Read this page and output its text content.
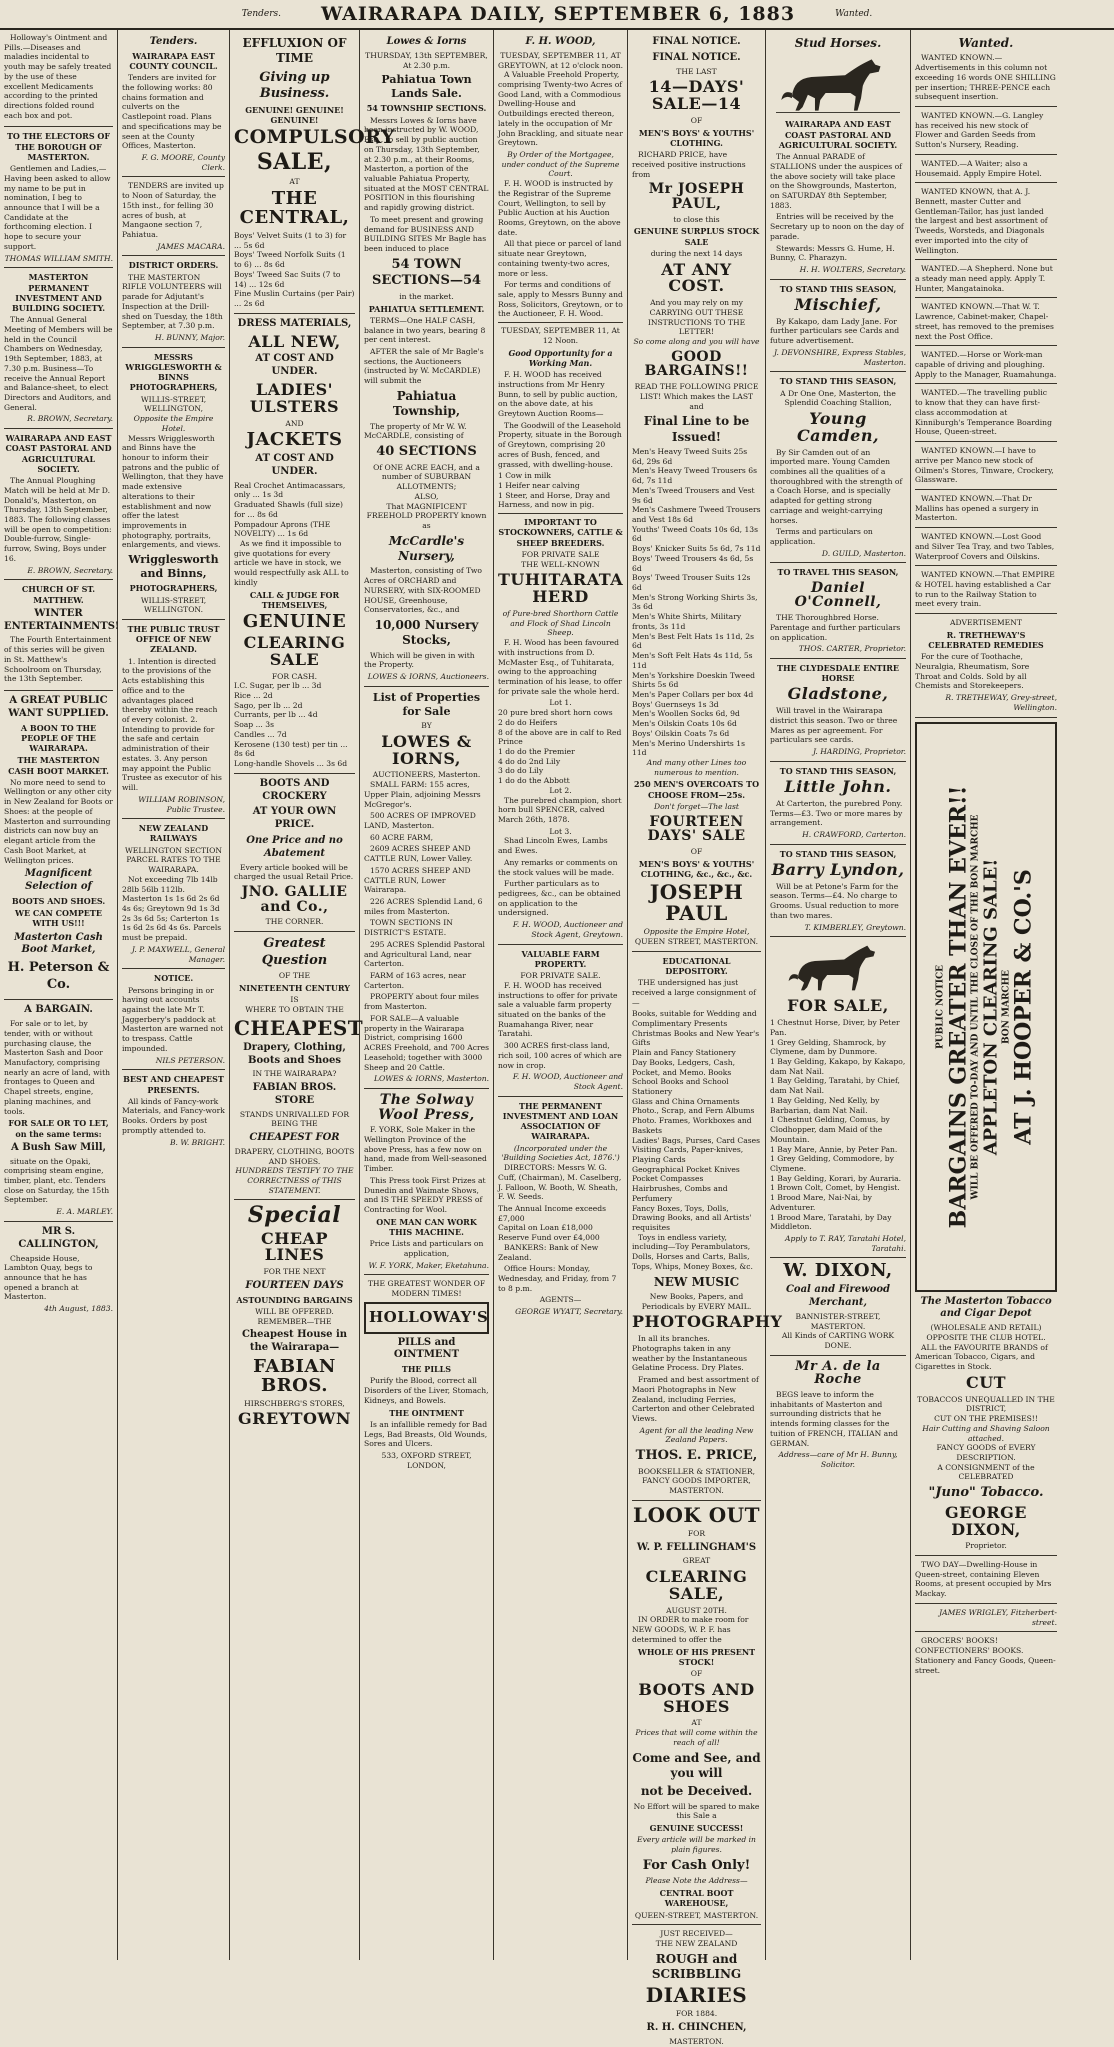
Tenders. WAIRARAPA DAILY, SEPTEMBER 6, 1883	Wanted.

Holloway's Ointment and Pills.—Diseases and maladies incidental to youth may be safely treated by the use of these excellent Medicaments according to the printed directions folded round each box and pot.

TO THE ELECTORS OF THE BOROUGH OF MASTERTON.

Gentlemen and Ladies,—Having been asked to allow my name to be put in nomination, I beg to announce that I will be a Candidate at the forthcoming election. I hope to secure your support.

THOMAS WILLIAM SMITH.
MASTERTON PERMANENT INVESTMENT AND BUILDING SOCIETY.

The Annual General Meeting of Members will be held in the Council Chambers on Wednesday, 19th September, 1883, at 7.30 p.m. Business—To receive the Annual Report and Balance-sheet, to elect Directors and Auditors, and General.

R. BROWN, Secretary.
WAIRARAPA AND EAST COAST PASTORAL AND AGRICULTURAL SOCIETY.

The Annual Ploughing Match will be held at Mr D. Donald's, Masterton, on Thursday, 13th September, 1883. The following classes will be open to competition: Double-furrow, Single-furrow, Swing, Boys under 16.

E. BROWN, Secretary.
CHURCH OF ST. MATTHEW.
WINTER ENTERTAINMENTS!

The Fourth Entertainment of this series will be given in St. Matthew's Schoolroom on Thursday, the 13th September.

A GREAT PUBLIC WANT SUPPLIED.
A BOON TO THE PEOPLE OF THE WAIRARAPA.
THE MASTERTON CASH BOOT MARKET.

No more need to send to Wellington or any other city in New Zealand for Boots or Shoes: at the people of Masterton and surrounding districts can now buy an elegant article from the Cash Boot Market, at Wellington prices.

Magnificent Selection of
BOOTS AND SHOES.
WE CAN COMPETE WITH US!!!
Masterton Cash Boot Market,
H. Peterson & Co.
A BARGAIN.

For sale or to let, by tender, with or without purchasing clause, the Masterton Sash and Door Manufactory, comprising nearly an acre of land, with frontages to Queen and Chapel streets, engine, planing machines, and tools.

FOR SALE OR TO LET, on the same terms:
A Bush Saw Mill,

situate on the Opaki, comprising steam engine, timber, plant, etc. Tenders close on Saturday, the 15th September.

E. A. MARLEY.
MR S. CALLINGTON,

Cheapside House, Lambton Quay, begs to announce that he has opened a branch at Masterton.

4th August, 1883.
Tenders.
WAIRARAPA EAST COUNTY COUNCIL.

Tenders are invited for the following works: 80 chains formation and culverts on the Castlepoint road. Plans and specifications may be seen at the County Offices, Masterton.

F. G. MOORE, County Clerk.

TENDERS are invited up to Noon of Saturday, the 15th inst., for felling 30 acres of bush, at Mangaone section 7, Pahiatua.

JAMES MACARA.
DISTRICT ORDERS.

THE MASTERTON RIFLE VOLUNTEERS will parade for Adjutant's Inspection at the Drill-shed on Tuesday, the 18th September, at 7.30 p.m.

H. BUNNY, Major.
MESSRS WRIGGLESWORTH & BINNS PHOTOGRAPHERS,
WILLIS-STREET, WELLINGTON,
Opposite the Empire Hotel.

Messrs Wrigglesworth and Binns have the honour to inform their patrons and the public of Wellington, that they have made extensive alterations to their establishment and now offer the latest improvements in photography, portraits, enlargements, and views.

Wrigglesworth and Binns,
PHOTOGRAPHERS,
WILLIS-STREET, WELLINGTON.
THE PUBLIC TRUST OFFICE OF NEW ZEALAND.

1. Intention is directed to the provisions of the Acts establishing this office and to the advantages placed thereby within the reach of every colonist. 2. Intending to provide for the safe and certain administration of their estates. 3. Any person may appoint the Public Trustee as executor of his will.

WILLIAM ROBINSON, Public Trustee.
NEW ZEALAND RAILWAYS
WELLINGTON SECTION
PARCEL RATES TO THE WAIRARAPA.

Not exceeding 7lb 14lb 28lb 56lb 112lb. Masterton 1s 1s 6d 2s 6d 4s 6s; Greytown 9d 1s 3d 2s 3s 6d 5s; Carterton 1s 1s 6d 2s 6d 4s 6s. Parcels must be prepaid.

J. P. MAXWELL, General Manager.
NOTICE.

Persons bringing in or having out accounts against the late Mr T. Jaggerbery's paddock at Masterton are warned not to trespass. Cattle impounded.

NILS PETERSON.
BEST AND CHEAPEST PRESENTS.

All kinds of Fancy-work Materials, and Fancy-work Books. Orders by post promptly attended to.

B. W. BRIGHT.
EFFLUXION OF TIME
Giving up Business.
GENUINE! GENUINE! GENUINE!
COMPULSORY
SALE,
AT
THE CENTRAL,
Boys' Velvet Suits (1 to 3) for ... 5s 6d
Boys' Tweed Norfolk Suits (1 to 6) ... 8s 6d
Boys' Tweed Sac Suits (7 to 14) ... 12s 6d
Fine Muslin Curtains (per Pair) ... 2s 6d
DRESS MATERIALS,
ALL NEW,
AT COST AND UNDER.
LADIES' ULSTERS
AND
JACKETS
AT COST AND UNDER.
Real Crochet Antimacassars, only ... 1s 3d
Graduated Shawls (full size) for ... 8s 6d
Pompadour Aprons (THE NOVELTY) ... 1s 6d

As we find it impossible to give quotations for every article we have in stock, we would respectfully ask ALL to kindly

CALL & JUDGE FOR THEMSELVES,
GENUINE
CLEARING SALE
FOR CASH.
I.C. Sugar, per lb ... 3d
Rice ... 2d
Sago, per lb ... 2d
Currants, per lb ... 4d
Soap ... 3s
Candles ... 7d
Kerosene (130 test) per tin ... 8s 6d
Long-handle Shovels ... 3s 6d
BOOTS AND CROCKERY
AT YOUR OWN PRICE.
One Price and no Abatement

Every article booked will be charged the usual Retail Price.

JNO. GALLIE and Co.,
THE CORNER.
Greatest Question
OF THE
NINETEENTH CENTURY
IS
WHERE TO OBTAIN THE
CHEAPEST
Drapery, Clothing, Boots and Shoes
IN THE WAIRARAPA?
FABIAN BROS. STORE
STANDS UNRIVALLED FOR BEING THE
CHEAPEST FOR
DRAPERY, CLOTHING, BOOTS AND SHOES.
HUNDREDS TESTIFY TO THE CORRECTNESS of THIS STATEMENT.
Special
CHEAP LINES
FOR THE NEXT
FOURTEEN DAYS
ASTOUNDING BARGAINS
WILL BE OFFERED.
REMEMBER—THE
Cheapest House in the Wairarapa—
FABIAN BROS.
HIRSCHBERG'S STORES,
GREYTOWN
Lowes & Iorns
THURSDAY, 13th SEPTEMBER, At 2.30 p.m.
Pahiatua Town Lands Sale.
54 TOWNSHIP SECTIONS.

Messrs Lowes & Iorns have been instructed by W. WOOD, Esq., to sell by public auction on Thursday, 13th September, at 2.30 p.m., at their Rooms, Masterton, a portion of the valuable Pahiatua Property, situated at the MOST CENTRAL POSITION in this flourishing and rapidly growing district.

To meet present and growing demand for BUSINESS AND BUILDING SITES Mr Bagle has been induced to place

54 TOWN SECTIONS—54
in the market.
PAHIATUA SETTLEMENT.

TERMS—One HALF CASH, balance in two years, bearing 8 per cent interest.

AFTER the sale of Mr Bagle's sections, the Auctioneers (instructed by W. McCARDLE) will submit the

Pahiatua Township,

The property of Mr W. W. McCARDLE, consisting of

40 SECTIONS
Of ONE ACRE EACH, and a number of SUBURBAN ALLOTMENTS;
ALSO,
That MAGNIFICENT FREEHOLD PROPERTY known as
McCardle's Nursery,

Masterton, consisting of Two Acres of ORCHARD and NURSERY, with SIX-ROOMED HOUSE, Greenhouse, Conservatories, &c., and

10,000 Nursery Stocks,

Which will be given in with the Property.

LOWES & IORNS, Auctioneers.
List of Properties for Sale
BY
LOWES & IORNS,
AUCTIONEERS, Masterton.

SMALL FARM: 155 acres, Upper Plain, adjoining Messrs McGregor's.

500 ACRES OF IMPROVED LAND, Masterton.

60 ACRE FARM,

2609 ACRES SHEEP AND CATTLE RUN, Lower Valley.

1570 ACRES SHEEP AND CATTLE RUN, Lower Wairarapa.

226 ACRES Splendid Land, 6 miles from Masterton.

TOWN SECTIONS IN DISTRICT'S ESTATE.

295 ACRES Splendid Pastoral and Agricultural Land, near Carterton.

FARM of 163 acres, near Carterton.

PROPERTY about four miles from Masterton.

FOR SALE—A valuable property in the Wairarapa District, comprising 1600 ACRES Freehold, and 700 Acres Leasehold; together with 3000 Sheep and 20 Cattle.

LOWES & IORNS, Masterton.
The Solway Wool Press,

F. YORK, Sole Maker in the Wellington Province of the above Press, has a few now on hand, made from Well-seasoned Timber.

This Press took First Prizes at Dunedin and Waimate Shows, and IS THE SPEEDY PRESS of Contracting for Wool.

ONE MAN CAN WORK THIS MACHINE.
Price Lists and particulars on application,
W. F. YORK, Maker, Eketahuna.
THE GREATEST WONDER OF MODERN TIMES!
HOLLOWAY'S
PILLS and OINTMENT
THE PILLS

Purify the Blood, correct all Disorders of the Liver, Stomach, Kidneys, and Bowels.

THE OINTMENT

Is an infallible remedy for Bad Legs, Bad Breasts, Old Wounds, Sores and Ulcers.

533, OXFORD STREET, LONDON,
F. H. WOOD,
TUESDAY, SEPTEMBER 11, AT GREYTOWN, at 12 o'clock noon.

A Valuable Freehold Property, comprising Twenty-two Acres of Good Land, with a Commodious Dwelling-House and Outbuildings erected thereon, lately in the occupation of Mr John Brackling, and situate near Greytown.

By Order of the Mortgagee, under conduct of the Supreme Court.

F. H. WOOD is instructed by the Registrar of the Supreme Court, Wellington, to sell by Public Auction at his Auction Rooms, Greytown, on the above date.

All that piece or parcel of land situate near Greytown, containing twenty-two acres, more or less.

For terms and conditions of sale, apply to Messrs Bunny and Ross, Solicitors, Greytown, or to the Auctioneer, F. H. Wood.

TUESDAY, SEPTEMBER 11, At 12 Noon.
Good Opportunity for a Working Man.

F. H. WOOD has received instructions from Mr Henry Bunn, to sell by public auction, on the above date, at his Greytown Auction Rooms—

The Goodwill of the Leasehold Property, situate in the Borough of Greytown, comprising 20 acres of Bush, fenced, and grassed, with dwelling-house.

1 Cow in milk
1 Heifer near calving
1 Steer, and Horse, Dray and Harness, and now in pig.
IMPORTANT TO STOCKOWNERS, CATTLE & SHEEP BREEDERS.
FOR PRIVATE SALE
THE WELL-KNOWN
TUHITARATA HERD
of Pure-bred Shorthorn Cattle and Flock of Shad Lincoln Sheep.

F. H. Wood has been favoured with instructions from D. McMaster Esq., of Tuhitarata, owing to the approaching termination of his lease, to offer for private sale the whole herd.

Lot 1.
20 pure bred short horn cows
2 do do Heifers
8 of the above are in calf to Red Prince
1 do do the Premier
4 do do 2nd Lily
3 do do Lily
1 do do the Abbott
Lot 2.

The purebred champion, short horn bull SPENCER, calved March 26th, 1878.

Lot 3.

Shad Lincoln Ewes, Lambs and Ewes.

Any remarks or comments on the stock values will be made.

Further particulars as to pedigrees, &c., can be obtained on application to the undersigned.

F. H. WOOD, Auctioneer and Stock Agent, Greytown.
VALUABLE FARM PROPERTY.
FOR PRIVATE SALE.

F. H. WOOD has received instructions to offer for private sale a valuable farm property situated on the banks of the Ruamahanga River, near Taratahi.

300 ACRES first-class land, rich soil, 100 acres of which are now in crop.

F. H. WOOD, Auctioneer and Stock Agent.
THE PERMANENT INVESTMENT AND LOAN ASSOCIATION OF WAIRARAPA.
(Incorporated under the 'Building Societies Act, 1876.')

DIRECTORS: Messrs W. G. Cuff, (Chairman), M. Caselberg, J. Falloon, W. Booth, W. Sheath, F. W. Seeds.

The Annual Income exceeds £7,000
Capital on Loan £18,000
Reserve Fund over £4,000

BANKERS: Bank of New Zealand.

Office Hours: Monday, Wednesday, and Friday, from 7 to 8 p.m.

AGENTS—
GEORGE WYATT, Secretary.
FINAL NOTICE.
FINAL NOTICE.
THE LAST
14—DAYS' SALE—14
OF
MEN'S BOYS' & YOUTHS' CLOTHING.

RICHARD PRICE, have received positive instructions from

Mr JOSEPH PAUL,
to close this
GENUINE SURPLUS STOCK SALE
during the next 14 days
AT ANY COST.
And you may rely on my CARRYING OUT THESE INSTRUCTIONS TO THE LETTER!
So come along and you will have
GOOD BARGAINS!!
READ THE FOLLOWING PRICE LIST! Which makes the LAST and
Final Line to be Issued!
Men's Heavy Tweed Suits 25s 6d, 29s 6d
Men's Heavy Tweed Trousers 6s 6d, 7s 11d
Men's Tweed Trousers and Vest 9s 6d
Men's Cashmere Tweed Trousers and Vest 18s 6d
Youths' Tweed Coats 10s 6d, 13s 6d
Boys' Knicker Suits 5s 6d, 7s 11d
Boys' Tweed Trousers 4s 6d, 5s 6d
Boys' Tweed Trouser Suits 12s 6d
Men's Strong Working Shirts 3s, 3s 6d
Men's White Shirts, Military fronts, 3s 11d
Men's Best Felt Hats 1s 11d, 2s 6d
Men's Soft Felt Hats 4s 11d, 5s 11d
Men's Yorkshire Doeskin Tweed Shirts 5s 6d
Men's Paper Collars per box 4d
Boys' Guernseys 1s 3d
Men's Woollen Socks 6d, 9d
Men's Oilskin Coats 10s 6d
Boys' Oilskin Coats 7s 6d
Men's Merino Undershirts 1s 11d
And many other Lines too numerous to mention.
250 MEN'S OVERCOATS TO CHOOSE FROM—25s.
Don't forget—The last
FOURTEEN DAYS' SALE
OF
MEN'S BOYS' & YOUTHS' CLOTHING, &c., &c., &c.
JOSEPH PAUL
Opposite the Empire Hotel,
QUEEN STREET, MASTERTON.
EDUCATIONAL DEPOSITORY.

THE undersigned has just received a large consignment of—

Books, suitable for Wedding and Complimentary Presents
Christmas Books and New Year's Gifts
Plain and Fancy Stationery
Day Books, Ledgers, Cash, Pocket, and Memo. Books
School Books and School Stationery
Glass and China Ornaments
Photo., Scrap, and Fern Albums
Photo. Frames, Workboxes and Baskets
Ladies' Bags, Purses, Card Cases
Visiting Cards, Paper-knives, Playing Cards
Geographical Pocket Knives
Pocket Compasses
Hairbrushes, Combs and Perfumery
Fancy Boxes, Toys, Dolls, Drawing Books, and all Artists' requisites

Toys in endless variety, including—Toy Perambulators, Dolls, Horses and Carts, Balls, Tops, Whips, Money Boxes, &c.

NEW MUSIC
New Books, Papers, and Periodicals by EVERY MAIL.
PHOTOGRAPHY

In all its branches. Photographs taken in any weather by the Instantaneous Gelatine Process. Dry Plates.

Framed and best assortment of Maori Photographs in New Zealand, including Ferries, Carterton and other Celebrated Views.

Agent for all the leading New Zealand Papers.
THOS. E. PRICE,
BOOKSELLER & STATIONER, FANCY GOODS IMPORTER,
MASTERTON.
LOOK OUT
FOR
W. P. FELLINGHAM'S
GREAT
CLEARING SALE,
AUGUST 20TH.

IN ORDER to make room for NEW GOODS, W. P. F. has determined to offer the

WHOLE OF HIS PRESENT STOCK!
OF
BOOTS AND SHOES
AT
Prices that will come within the reach of all!
Come and See, and you will
not be Deceived.
No Effort will be spared to make this Sale a
GENUINE SUCCESS!
Every article will be marked in plain figures.
For Cash Only!
Please Note the Address—
CENTRAL BOOT WAREHOUSE,
QUEEN-STREET, MASTERTON.
JUST RECEIVED—
THE NEW ZEALAND
ROUGH and SCRIBBLING
DIARIES
FOR 1884.
R. H. CHINCHEN,
MASTERTON.
Stud Horses.
WAIRARAPA AND EAST COAST PASTORAL AND AGRICULTURAL SOCIETY.

The Annual PARADE of STALLIONS under the auspices of the above society will take place on the Showgrounds, Masterton, on SATURDAY 8th September, 1883.

Entries will be received by the Secretary up to noon on the day of parade.

Stewards: Messrs G. Hume, H. Bunny, C. Pharazyn.

H. H. WOLTERS, Secretary.
TO STAND THIS SEASON,
Mischief,

By Kakapo, dam Lady Jane. For further particulars see Cards and future advertisement.

J. DEVONSHIRE, Express Stables, Masterton.
TO STAND THIS SEASON,
A Dr One One, Masterton, the Splendid Coaching Stallion,
Young Camden,

By Sir Camden out of an imported mare. Young Camden combines all the qualities of a thoroughbred with the strength of a Coach Horse, and is specially adapted for getting strong carriage and weight-carrying horses.

Terms and particulars on application.

D. GUILD, Masterton.
TO TRAVEL THIS SEASON,
Daniel O'Connell,

THE Thoroughbred Horse. Parentage and further particulars on application.

THOS. CARTER, Proprietor.
THE CLYDESDALE ENTIRE HORSE
Gladstone,

Will travel in the Wairarapa district this season. Two or three Mares as per agreement. For particulars see cards.

J. HARDING, Proprietor.
TO STAND THIS SEASON,
Little John.

At Carterton, the purebred Pony. Terms—£3. Two or more mares by arrangement.

H. CRAWFORD, Carterton.
TO STAND THIS SEASON,
Barry Lyndon,

Will be at Petone's Farm for the season. Terms—£4. No charge to Grooms. Usual reduction to more than two mares.

T. KIMBERLEY, Greytown.
FOR SALE,
1 Chestnut Horse, Diver, by Peter Pan.
1 Grey Gelding, Shamrock, by Clymene, dam by Dunmore.
1 Bay Gelding, Kakapo, by Kakapo, dam Nat Nail.
1 Bay Gelding, Taratahi, by Chief, dam Nat Nail.
1 Bay Gelding, Ned Kelly, by Barbarian, dam Nat Nail.
1 Chestnut Gelding, Comus, by Clodhopper, dam Maid of the Mountain.
1 Bay Mare, Annie, by Peter Pan.
1 Grey Gelding, Commodore, by Clymene.
1 Bay Gelding, Korari, by Auraria.
1 Brown Colt, Comet, by Hengist.
1 Brood Mare, Nai-Nai, by Adventurer.
1 Brood Mare, Taratahi, by Day Middleton.
Apply to T. RAY, Taratahi Hotel, Taratahi.
W. DIXON,
Coal and Firewood Merchant,
BANNISTER-STREET, MASTERTON.
All Kinds of CARTING WORK DONE.
Mr A. de la Roche

BEGS leave to inform the inhabitants of Masterton and surrounding districts that he intends forming classes for the tuition of FRENCH, ITALIAN and GERMAN.

Address—care of Mr H. Bunny, Solicitor.
Wanted.

WANTED KNOWN.—Advertisements in this column not exceeding 16 words ONE SHILLING per insertion; THREE-PENCE each subsequent insertion.

WANTED KNOWN.—G. Langley has received his new stock of Flower and Garden Seeds from Sutton's Nursery, Reading.

WANTED.—A Waiter; also a Housemaid. Apply Empire Hotel.

WANTED KNOWN, that A. J. Bennett, master Cutter and Gentleman-Tailor, has just landed the largest and best assortment of Tweeds, Worsteds, and Diagonals ever imported into the city of Wellington.

WANTED.—A Shepherd. None but a steady man need apply. Apply T. Hunter, Mangatainoka.

WANTED KNOWN.—That W. T. Lawrence, Cabinet-maker, Chapel-street, has removed to the premises next the Post Office.

WANTED.—Horse or Work-man capable of driving and ploughing. Apply to the Manager, Ruamahunga.

WANTED.—The travelling public to know that they can have first-class accommodation at Kinniburgh's Temperance Boarding House, Queen-street.

WANTED KNOWN.—I have to arrive per Manco new stock of Oilmen's Stores, Tinware, Crockery, Glassware.

WANTED KNOWN.—That Dr Mallins has opened a surgery in Masterton.

WANTED KNOWN.—Lost Good and Silver Tea Tray, and two Tables, Waterproof Covers and Oilskins.

WANTED KNOWN.—That EMPIRE & HOTEL having established a Car to run to the Railway Station to meet every train.

ADVERTISEMENT
R. TRETHEWAY'S CELEBRATED REMEDIES

For the cure of Toothache, Neuralgia, Rheumatism, Sore Throat and Colds. Sold by all Chemists and Storekeepers.

R. TRETHEWAY, Grey-street, Wellington.
PUBLIC NOTICE BARGAINS GREATER THAN EVER!! WILL BE OFFERED TO-DAY AND UNTIL THE CLOSE OF THE BON MARCHE APPLETON CLEARING SALE! BON MARCHE AT J. HOOPER & CO.'S
The Masterton Tobacco and Cigar Depot
(WHOLESALE AND RETAIL)
OPPOSITE THE CLUB HOTEL.

ALL the FAVOURITE BRANDS of American Tobacco, Cigars, and Cigarettes in Stock.

CUT
TOBACCOS UNEQUALLED IN THE DISTRICT,
CUT ON THE PREMISES!!
Hair Cutting and Shaving Saloon attached.
FANCY GOODS of EVERY DESCRIPTION.
A CONSIGNMENT of the CELEBRATED
"Juno" Tobacco.
GEORGE DIXON,
Proprietor.

TWO DAY—Dwelling-House in Queen-street, containing Eleven Rooms, at present occupied by Mrs Mackay.

JAMES WRIGLEY, Fitzherbert-street.

GROCERS' BOOKS! CONFECTIONERS' BOOKS. Stationery and Fancy Goods, Queen-street.
